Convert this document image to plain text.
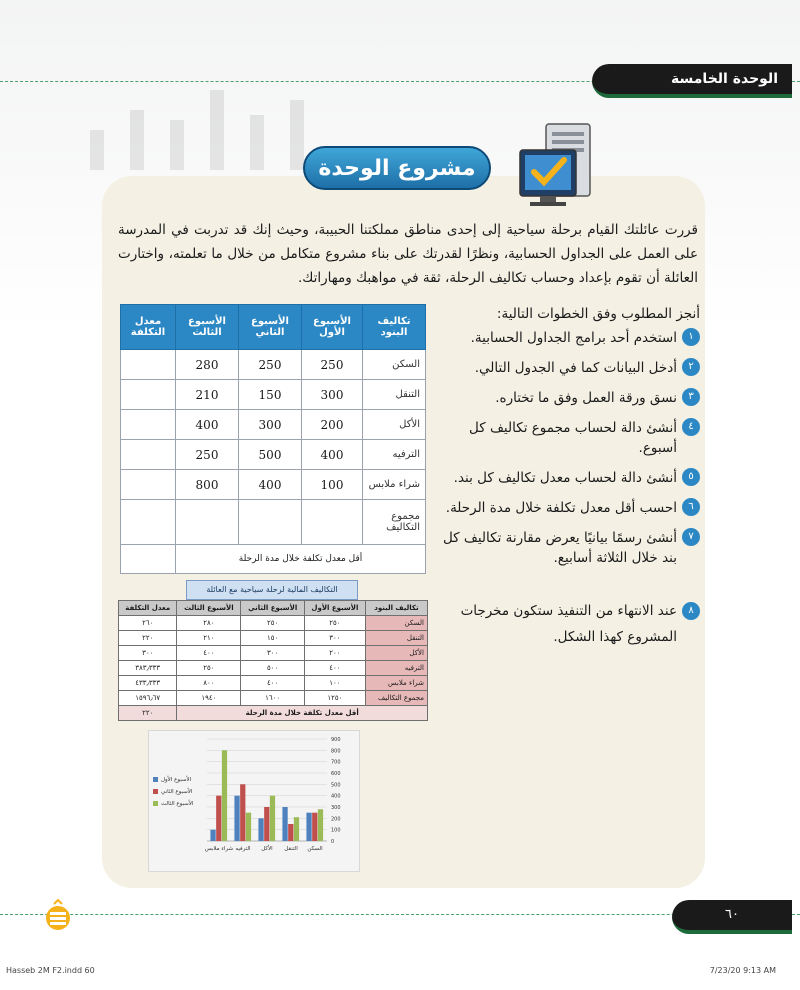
الوحدة الخامسة
مشروع الوحدة

قررت عائلتك القيام برحلة سياحية إلى إحدى مناطق مملكتنا الحبيبة، وحيث إنك قد تدربت في المدرسة على العمل على الجداول الحسابية، ونظرًا لقدرتك على بناء مشروع متكامل من خلال ما تعلمته، واختارت العائلة أن تقوم بإعداد وحساب تكاليف الرحلة، ثقة في مواهبك ومهاراتك.

أنجز المطلوب وفق الخطوات التالية:
١
استخدم أحد برامج الجداول الحسابية.
٢
أدخل البيانات كما في الجدول التالي.
٣
نسق ورقة العمل وفق ما تختاره.
٤
أنشئ دالة لحساب مجموع تكاليف كل أسبوع.
٥
أنشئ دالة لحساب معدل تكاليف كل بند.
٦
احسب أقل معدل تكلفة خلال مدة الرحلة.
٧
أنشئ رسمًا بيانيًا يعرض مقارنة تكاليف كل بند خلال الثلاثة أسابيع.
تكاليف البنود	الأسبوع الأول	الأسبوع الثاني	الأسبوع الثالث	معدل التكلفة
السكن	250	250	280	
التنقل	300	150	210	
الأكل	200	300	400	
الترفيه	400	500	250	
شراء ملابس	100	400	800	
مجموع التكاليف				
أقل معدل تكلفة خلال مدة الرحلة				
٨
عند الانتهاء من التنفيذ ستكون مخرجات المشروع كهذا الشكل.
التكاليف المالية لرحلة سياحية مع العائلة
تكاليف البنود	الأسبوع الأول	الأسبوع الثاني	الأسبوع الثالث	معدل التكلفة
السكن	٢٥٠	٢٥٠	٢٨٠	٢٦٠
التنقل	٣٠٠	١٥٠	٢١٠	٢٢٠
الأكل	٢٠٠	٣٠٠	٤٠٠	٣٠٠
الترفيه	٤٠٠	٥٠٠	٢٥٠	٣٨٣٫٣٣٣
شراء ملابس	١٠٠	٤٠٠	٨٠٠	٤٣٣٫٣٣٣
مجموع التكاليف	١٢٥٠	١٦٠٠	١٩٤٠	١٥٩٦٫٦٧
أقل معدل تكلفة خلال مدة الرحلة				٢٢٠
0
100
200
300
400
500
600
700
800
900
السكن
التنقل
الأكل
الترفيه
شراء ملابس
الأسبوع الأول
الأسبوع الثاني
الأسبوع الثالث
٦٠
Hasseb 2M F2.indd 60	7/23/20 9:13 AM
